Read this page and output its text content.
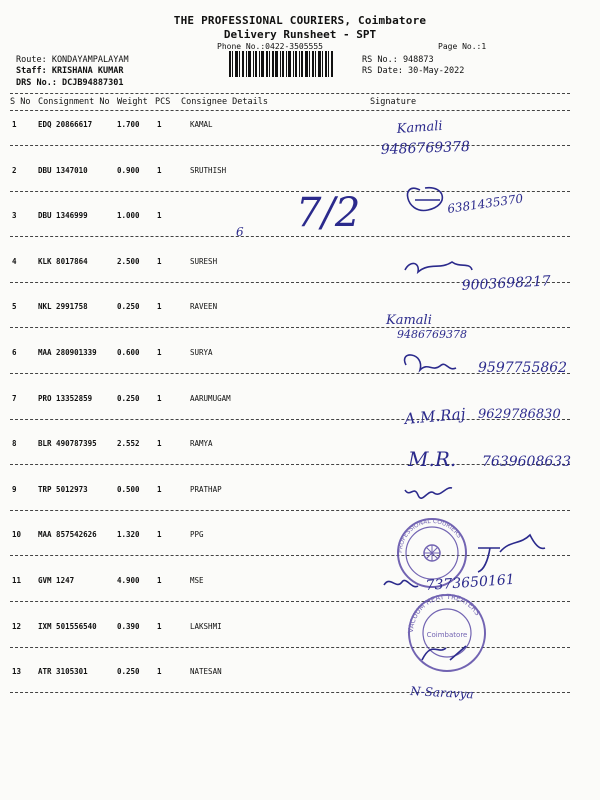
THE PROFESSIONAL COURIERS, Coimbatore
Delivery Runsheet - SPT
Phone No.:0422-3505555	Page No.:1
Route: KONDAYAMPALAYAM
Staff: KRISHANA KUMAR
DRS No.: DCJB94887301
RS No.: 948873
RS Date: 30-May-2022
S No Consignment No Weight PCS Consignee Details	Signature
1	EDQ 20866617	1.700 1	KAMAL
2	DBU 1347010	0.900 1	SRUTHISH
3	DBU 1346999	1.000 1
4	KLK 8017864	2.500 1	SURESH
5	NKL 2991758	0.250 1	RAVEEN
6	MAA 280901339	0.600 1	SURYA
7	PRO 13352859	0.250 1	AARUMUGAM
8	BLR 490787395	2.552 1	RAMYA
9	TRP 5012973	0.500 1	PRATHAP
10 MAA 857542626	1.320 1	PPG
11 GVM 1247	4.900 1	MSE
12 IXM 501556540	0.390 1	LAKSHMI
13 ATR 3105301	0.250 1	NATESAN
PROFESSIONAL COURIERS
VACUUM HEAT TREATERS
Coimbatore
Kamali
9486769378
7/2
6
6381435370
9003698217
Kamali
9486769378
9597755862
A.M.Raj 9629786830
M.R. 7639608633
7373650161
N-Saravya
